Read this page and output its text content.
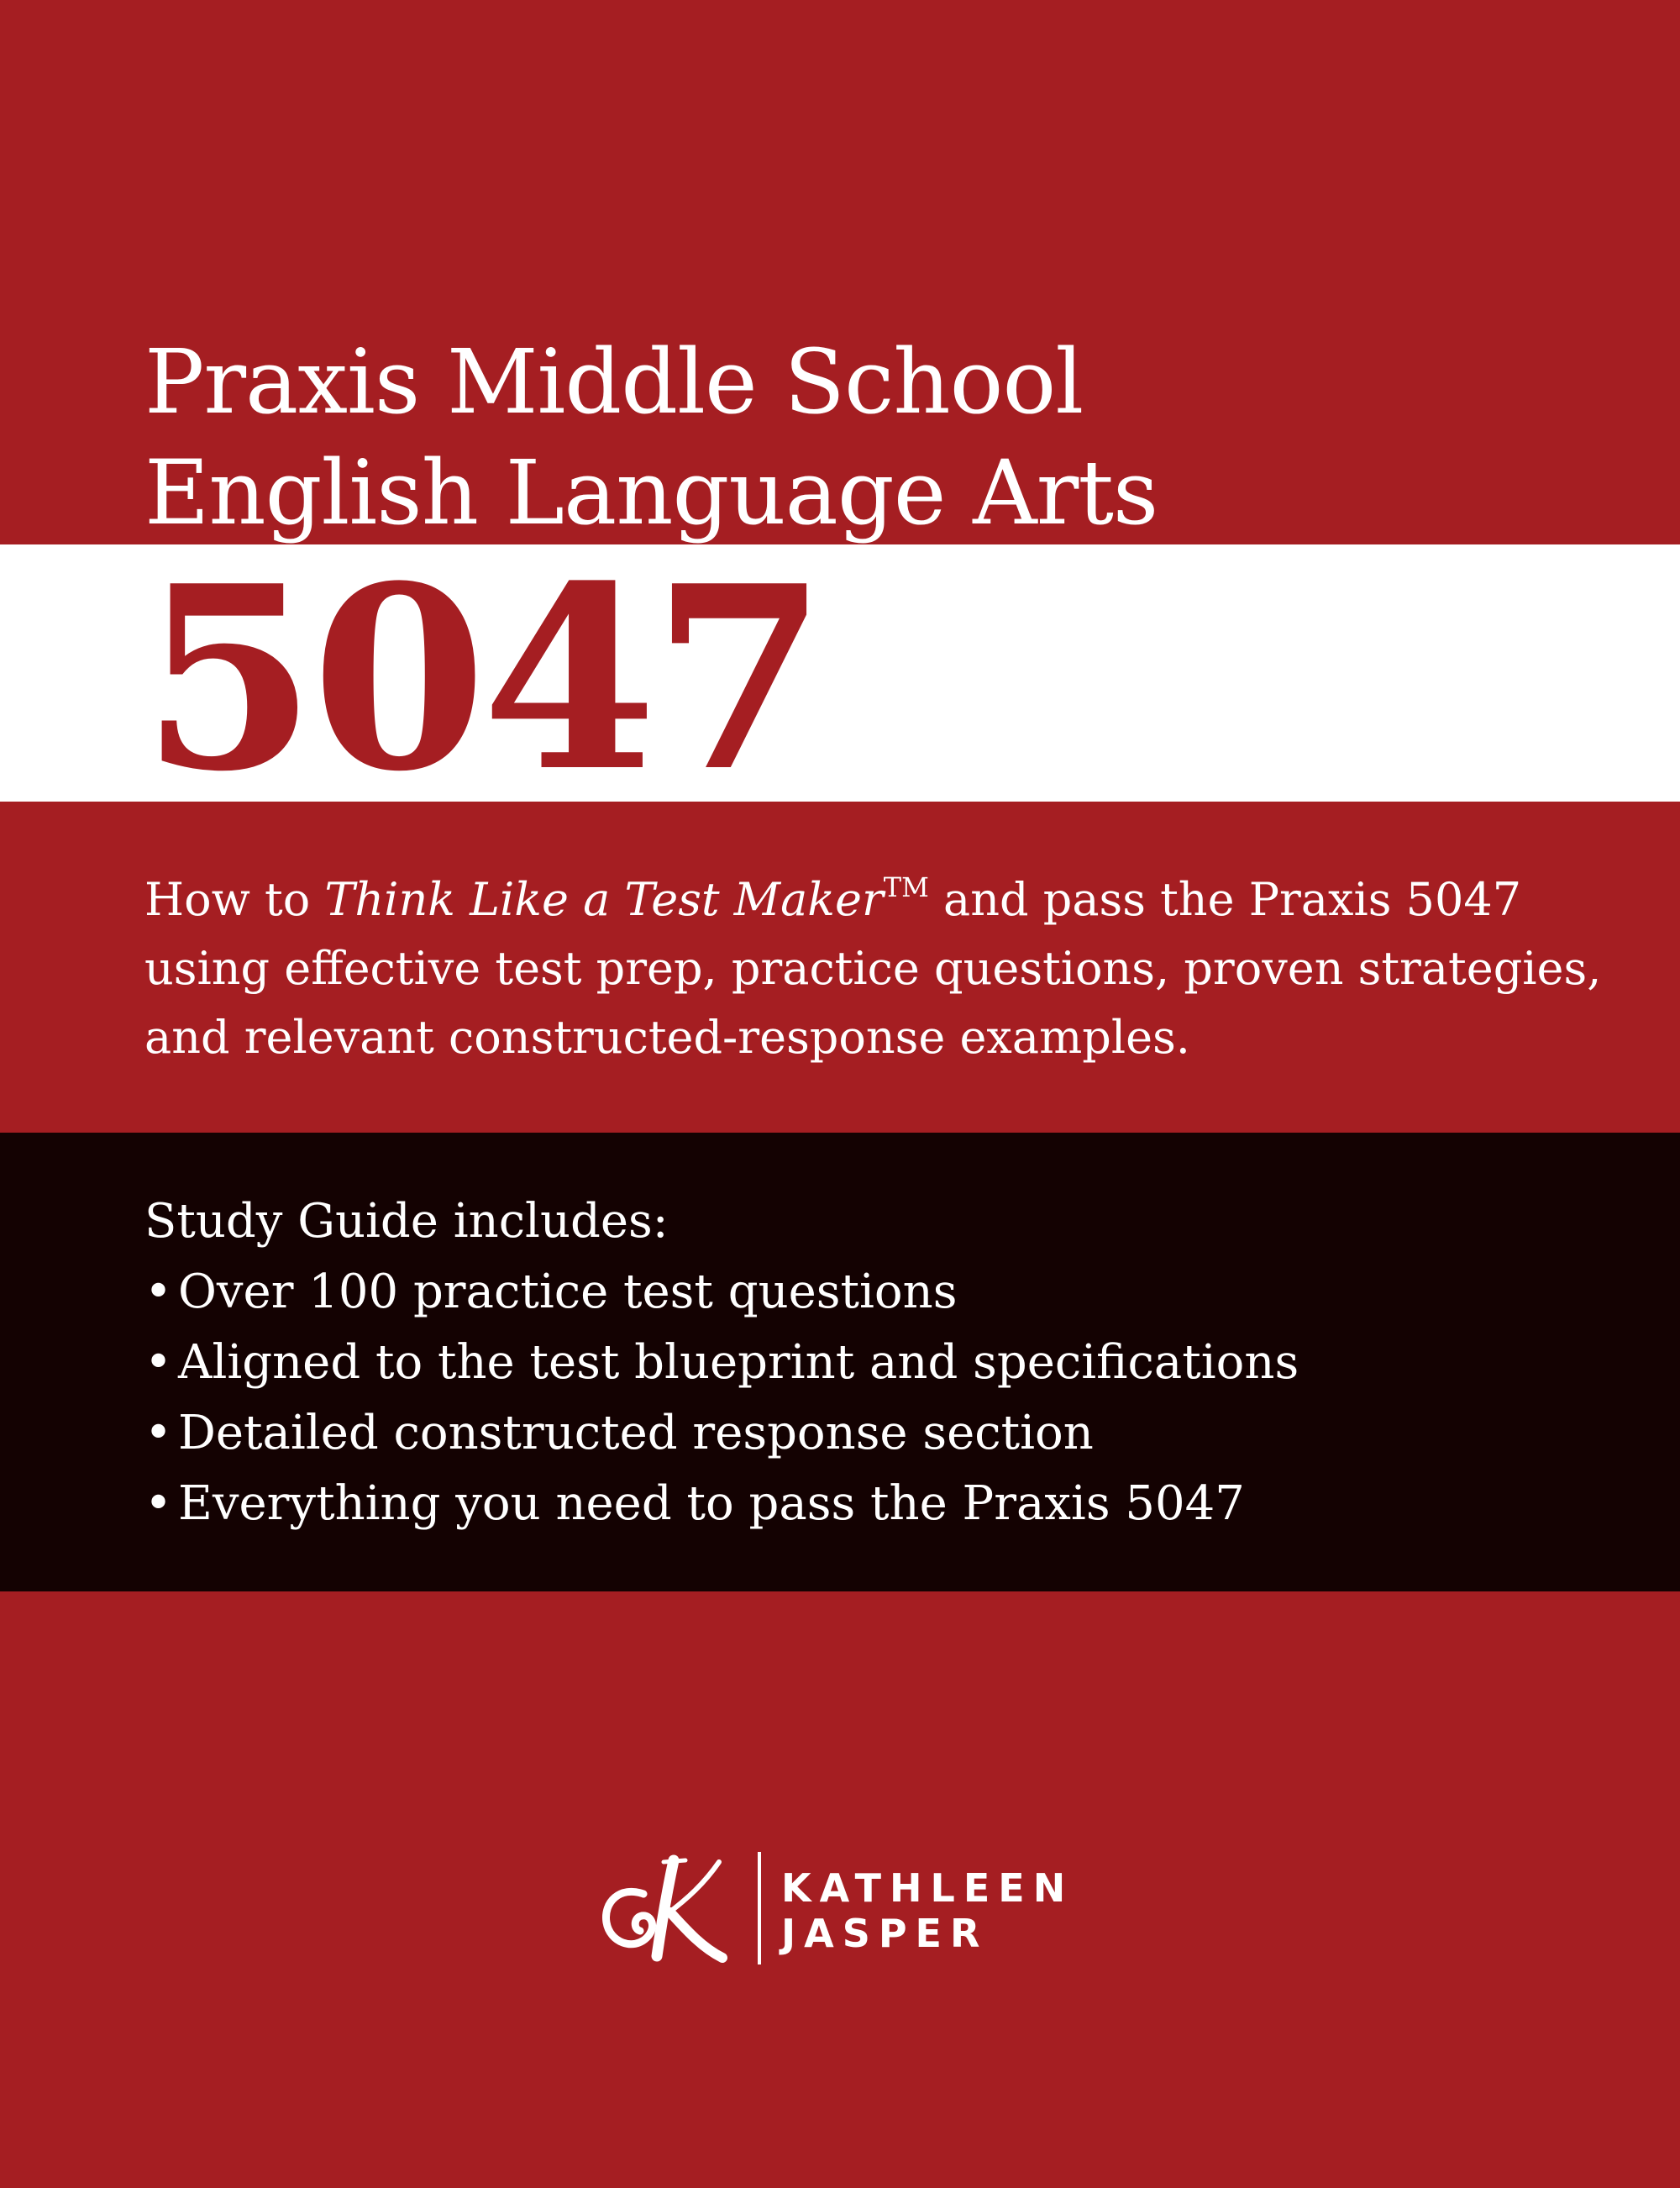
Praxis Middle School
English Language Arts
5047
How to Think Like a Test Maker™ and pass the Praxis 5047
using effective test prep, practice questions, proven strategies,
and relevant constructed-response examples.
Study Guide includes:
• Over 100 practice test questions
• Aligned to the test blueprint and specifications
• Detailed constructed response section
• Everything you need to pass the Praxis 5047
KATHLEEN
JASPER
